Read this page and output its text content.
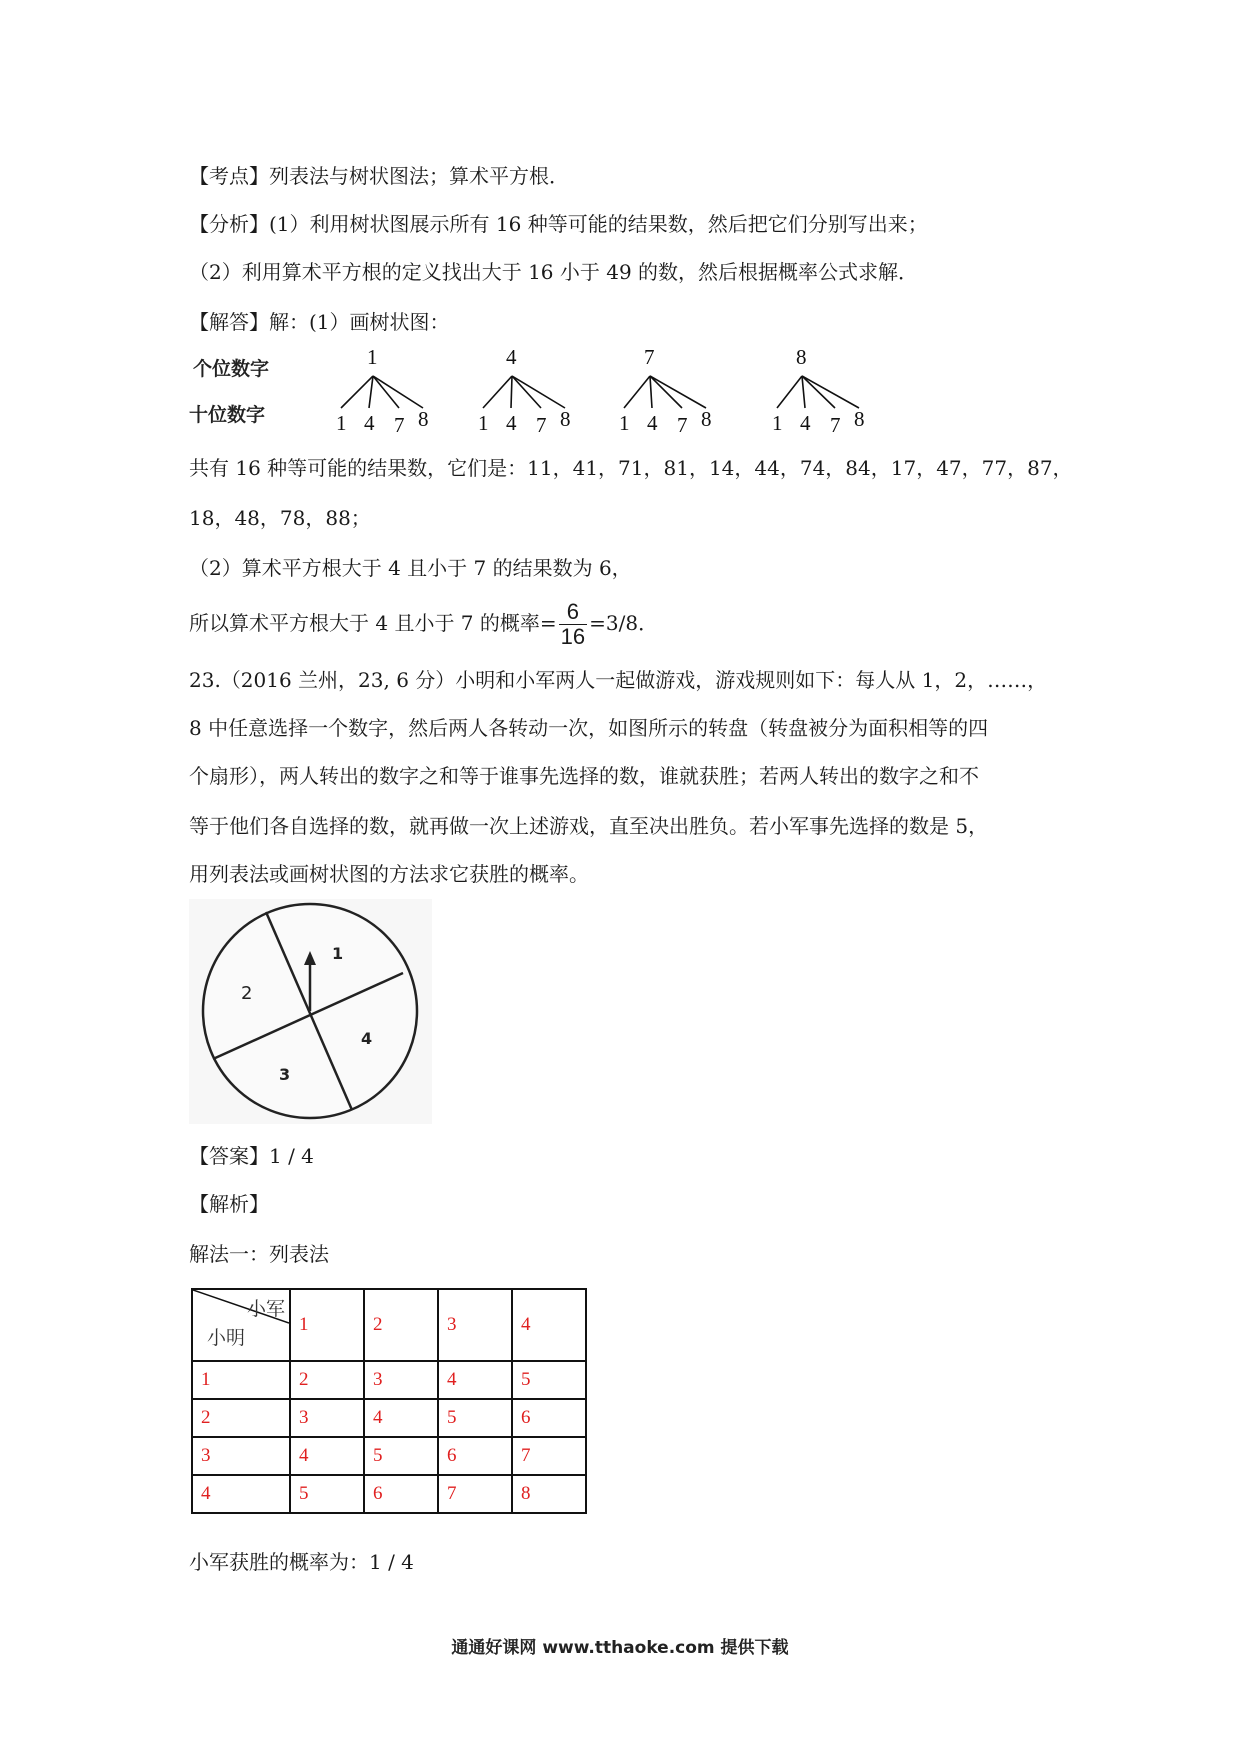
【考点】列表法与树状图法；算术平方根．
【分析】(1）利用树状图展示所有 16 种等可能的结果数，然后把它们分别写出来；
（2）利用算术平方根的定义找出大于 16 小于 49 的数，然后根据概率公式求解．
【解答】解：(1）画树状图：
个位数字
十位数字
1
1 4 7 8
4
1 4 7 8
7
1 4 7 8
8
1 4 7 8
共有 16 种等可能的结果数，它们是：11，41，71，81，14，44，74，84，17，47，77，87，
18，48，78，88；
（2）算术平方根大于 4 且小于 7 的结果数为 6，
所以算术平方根大于 4 且小于 7 的概率= $\frac{6}{16} =3/8$．
23.（2016 兰州，23, 6 分）小明和小军两人一起做游戏，游戏规则如下：每人从 1，2，……，
8 中任意选择一个数字，然后两人各转动一次，如图所示的转盘（转盘被分为面积相等的四
个扇形），两人转出的数字之和等于谁事先选择的数，谁就获胜；若两人转出的数字之和不
等于他们各自选择的数，就再做一次上述游戏，直至决出胜负。若小军事先选择的数是 5，
用列表法或画树状图的方法求它获胜的概率。
1
2
3
4
【答案】1 / 4
【解析】
解法一：列表法
小军
小明	1	2	3	4
1	2	3	4	5
2	3	4	5	6
3	4	5	6	7
4	5	6	7	8
小军获胜的概率为：1 / 4
通通好课网 www.tthaoke.com 提供下载
